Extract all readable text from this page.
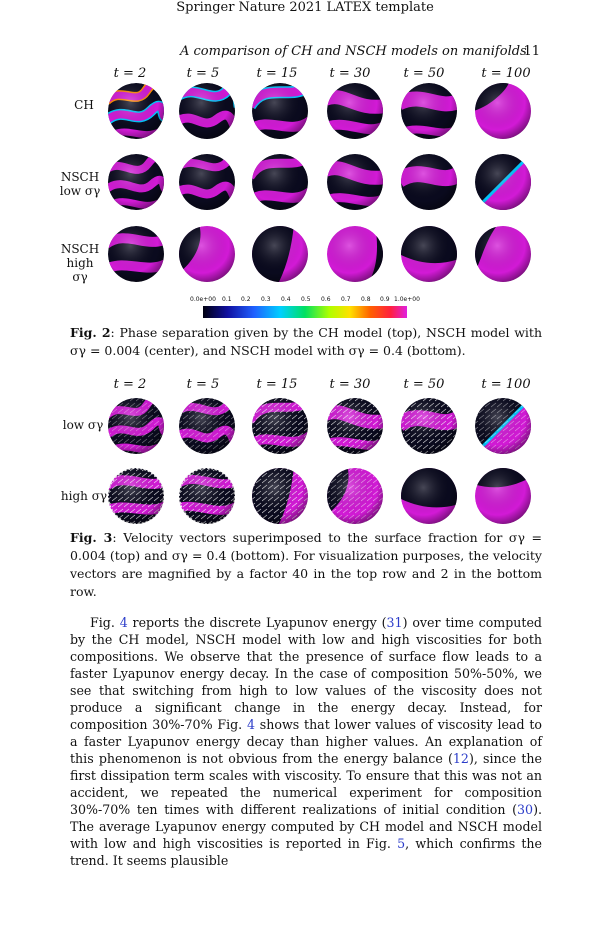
Springer Nature 2021 LATEX template
A comparison of CH and NSCH models on manifolds
11
t = 2	t = 5	t = 15	t = 30	t = 50	t = 100
CH
NSCH low σγ
NSCH high σγ
0.0e+00 0.1 0.2 0.3 0.4 0.5 0.6 0.7 0.8 0.9 1.0e+00
Fig. 2: Phase separation given by the CH model (top), NSCH model with σγ = 0.004 (center), and NSCH model with σγ = 0.4 (bottom).
t = 2	t = 5	t = 15	t = 30	t = 50	t = 100
low σγ
high σγ
Fig. 3: Velocity vectors superimposed to the surface fraction for σγ = 0.004 (top) and σγ = 0.4 (bottom). For visualization purposes, the velocity vectors are magnified by a factor 40 in the top row and 2 in the bottom row.
Fig. 4 reports the discrete Lyapunov energy (31) over time computed by the CH model, NSCH model with low and high viscosities for both compositions. We observe that the presence of surface flow leads to a faster Lyapunov energy decay. In the case of composition 50%-50%, we see that switching from high to low values of the viscosity does not produce a significant change in the energy decay. Instead, for composition 30%-70% Fig. 4 shows that lower values of viscosity lead to a faster Lyapunov energy decay than higher values. An explanation of this phenomenon is not obvious from the energy balance (12), since the first dissipation term scales with viscosity. To ensure that this was not an accident, we repeated the numerical experiment for composition 30%-70% ten times with different realizations of initial condition (30). The average Lyapunov energy computed by CH model and NSCH model with low and high viscosities is reported in Fig. 5, which confirms the trend. It seems plausible
